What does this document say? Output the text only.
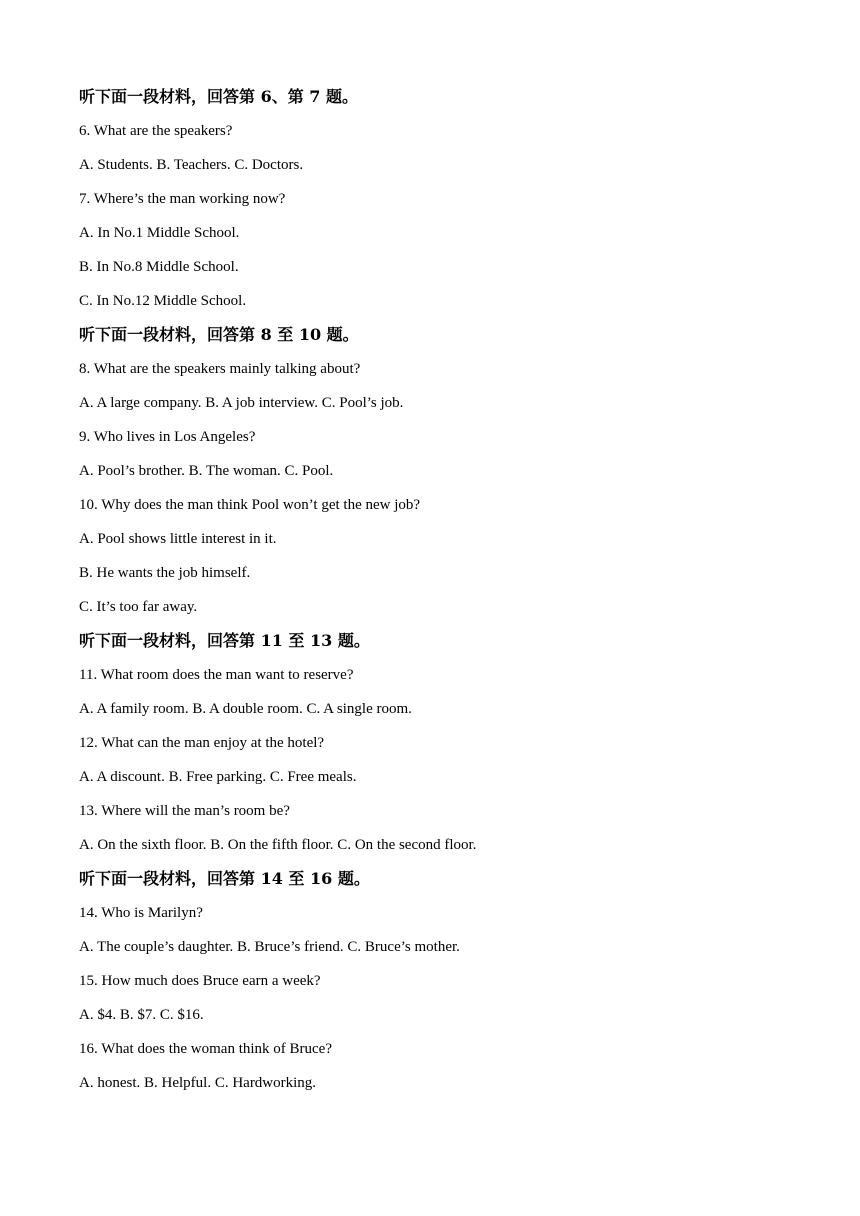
听下面一段材料，回答第 6、第 7 题。
6. What are the speakers?
A. Students. B. Teachers. C. Doctors.
7. Where’s the man working now?
A. In No.1 Middle School.
B. In No.8 Middle School.
C. In No.12 Middle School.
听下面一段材料，回答第 8 至 10 题。
8. What are the speakers mainly talking about?
A. A large company. B. A job interview. C. Pool’s job.
9. Who lives in Los Angeles?
A. Pool’s brother. B. The woman. C. Pool.
10. Why does the man think Pool won’t get the new job?
A. Pool shows little interest in it.
B. He wants the job himself.
C. It’s too far away.
听下面一段材料，回答第 11 至 13 题。
11. What room does the man want to reserve?
A. A family room. B. A double room. C. A single room.
12. What can the man enjoy at the hotel?
A. A discount. B. Free parking. C. Free meals.
13. Where will the man’s room be?
A. On the sixth floor. B. On the fifth floor. C. On the second floor.
听下面一段材料，回答第 14 至 16 题。
14. Who is Marilyn?
A. The couple’s daughter. B. Bruce’s friend. C. Bruce’s mother.
15. How much does Bruce earn a week?
A. $4. B. $7. C. $16.
16. What does the woman think of Bruce?
A. honest. B. Helpful. C. Hardworking.
